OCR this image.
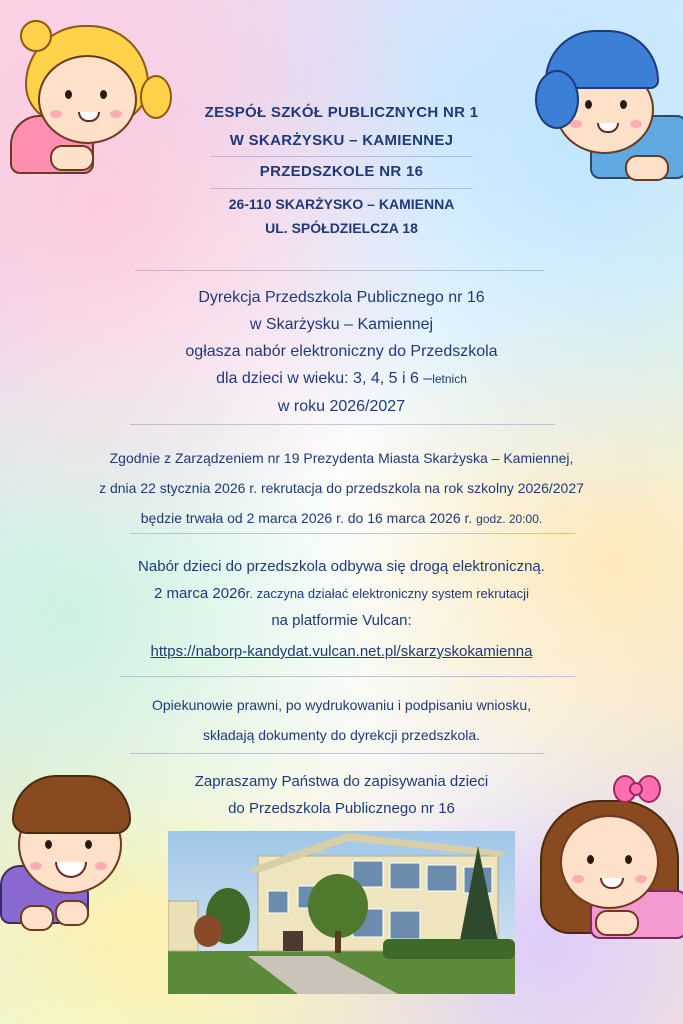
ZESPÓŁ SZKÓŁ PUBLICZNYCH NR 1
W SKARŻYSKU – KAMIENNEJ
PRZEDSZKOLE NR 16
26-110 SKARŻYSKO – KAMIENNA
UL. SPÓŁDZIELCZA 18
Dyrekcja Przedszkola Publicznego nr 16
w Skarżysku – Kamiennej
ogłasza nabór elektroniczny do Przedszkola
dla dzieci w wieku: 3, 4, 5 i 6 –letnich
w roku 2026/2027
Zgodnie z Zarządzeniem nr 19 Prezydenta Miasta Skarżyska – Kamiennej,
z dnia 22 stycznia 2026 r. rekrutacja do przedszkola na rok szkolny 2026/2027
będzie trwała od 2 marca 2026 r. do 16 marca 2026 r. godz. 20:00.
Nabór dzieci do przedszkola odbywa się drogą elektroniczną.
2 marca 2026r. zaczyna działać elektroniczny system rekrutacji
na platformie Vulcan:
https://naborp-kandydat.vulcan.net.pl/skarzyskokamienna
Opiekunowie prawni, po wydrukowaniu i podpisaniu wniosku,
składają dokumenty do dyrekcji przedszkola.
Zapraszamy Państwa do zapisywania dzieci
do Przedszkola Publicznego nr 16
